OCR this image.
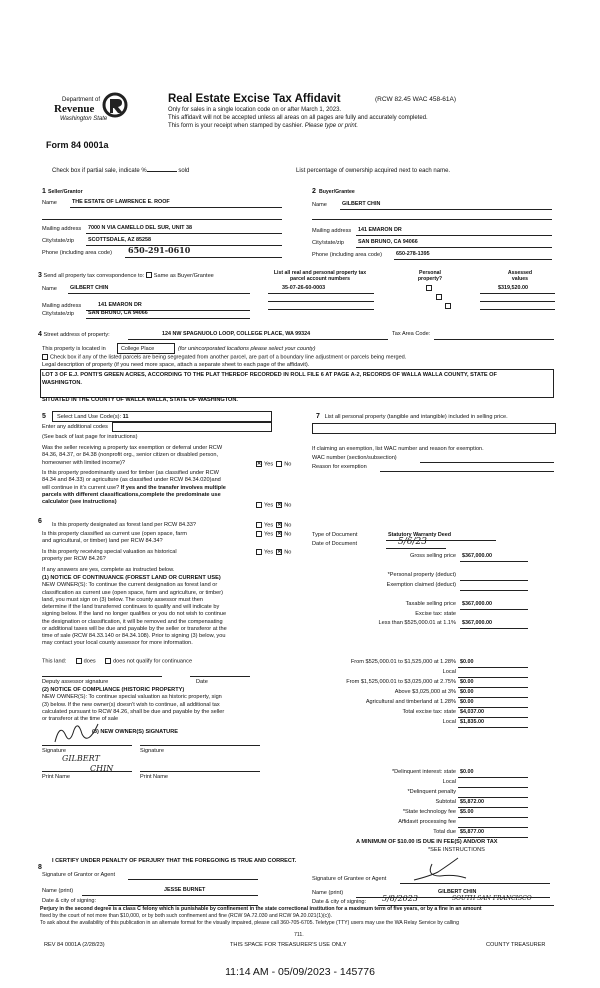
Department of
Revenue
Washington State
Form 84 0001a
Real Estate Excise Tax Affidavit	(RCW 82.45 WAC 458-61A)
Only for sales in a single location code on or after March 1, 2023.
This affidavit will not be accepted unless all areas on all pages are fully and accurately completed.
This form is your receipt when stamped by cashier. Please type or print.
Check box if partial sale, indicate %	sold	List percentage of ownership acquired next to each name.
1 Seller/Grantor
Name	THE ESTATE OF LAWRENCE E. ROOF
Mailing address 7000 N VIA CAMELLO DEL SUR, UNIT 38
City/state/zip	SCOTTSDALE, AZ 85258
Phone (including area code) 650-291-0610
2 Buyer/Grantee
Name	GILBERT CHIN
Mailing address 141 EMARON DR
City/state/zip	SAN BRUNO, CA 94066
Phone (including area code)	650-278-1395
3 Send all property tax correspondence to: Same as Buyer/Grantee
Name GILBERT CHIN
Mailing address	141 EMARON DR
City/state/zip	SAN BRUNO, CA 94066
List all real and personal property tax
parcel account numbers
35-07-26-60-0003
Personal
property?

Assessed
values
$319,520.00
4 Street address of property:	124 NW SPAGNUOLO LOOP, COLLEGE PLACE, WA 99324	Tax Area Code:
This property is located in	College Place	(for unincorporated locations please select your county)
Check box if any of the listed parcels are being segregated from another parcel, are part of a boundary line adjustment or parcels being merged.
Legal description of property (if you need more space, attach a separate sheet to each page of the affidavit).
LOT 3 OF E.J. PONTI'S GREEN ACRES, ACCORDING TO THE PLAT THEREOF RECORDED IN ROLL FILE 6 AT PAGE A-2, RECORDS OF WALLA WALLA COUNTY, STATE OF
WASHINGTON.
SITUATED IN THE COUNTY OF WALLA WALLA, STATE OF WASHINGTON.
5 Select Land Use Code(s): 11
Enter any additional codes
(See back of last page for instructions)
Was the seller receiving a property tax exemption or deferral under RCW
84.36, 84.37, or 84.38 (nonprofit org., senior citizen or disabled person,
homeowner with limited income)?	✕ Yes No
Is this property predominantly used for timber (as classified under RCW
84.34 and 84.33) or agriculture (as classified under RCW 84.34.020)and
will continue in it's current use? If yes and the transfer involves multiple
parcels with different classifications,complete the predominate use
calculator (see instructions)
Yes ✕ No
6 Is this property designated as forest land per RCW 84.33?	Yes ✕ No
Is this property classified as current use (open space, farm
and agricultural, or timber) land per RCW 84.34?
Yes ✕ No
Is this property receiving special valuation as historical
property per RCW 84.26?
Yes ✕ No
If any answers are yes, complete as instructed below.
(1) NOTICE OF CONTINUANCE (FOREST LAND OR CURRENT USE)
NEW OWNER(S): To continue the current designation as forest land or
classification as current use (open space, farm and agriculture, or timber)
land, you must sign on (3) below. The county assessor must then
determine if the land transferred continues to qualify and will indicate by
signing below. If the land no longer qualifies or you do not wish to continue
the designation or classification, it will be removed and the compensating
or additional taxes will be due and payable by the seller or transferor at the
time of sale (RCW 84.33.140 or 84.34.108). Prior to signing (3) below, you
may contact your local county assessor for more information.
This land:	does	does not qualify for continuance
Deputy assessor signature	Date
(2) NOTICE OF COMPLIANCE (HISTORIC PROPERTY)
NEW OWNER(S): To continue special valuation as historic property, sign
(3) below. If the new owner(s) doesn't wish to continue, all additional tax
calculated pursuant to RCW 84.26, shall be due and payable by the seller
or transferor at the time of sale
(3) NEW OWNER(S) SIGNATURE
Signature	Signature
GILBERT
CHIN
Print Name	Print Name
7 List all personal property (tangible and intangible) included in selling price.
If claiming an exemption, list WAC number and reason for exemption.
WAC number (section/subsection)
Reason for exemption
Type of Document	Statutory Warranty Deed
Date of Document	5/6/23
Gross selling price $367,000.00
*Personal property (deduct)
Exemption claimed (deduct)
Taxable selling price $367,000.00
Excise tax: state
Less than $525,000.01 at 1.1% $367,000.00
From $525,000.01 to $1,525,000 at 1.28% $0.00
Local
From $1,525,000.01 to $3,025,000 at 2.75% $0.00
Above $3,025,000 at 3% $0.00
Agricultural and timberland at 1.28% $0.00
Total excise tax: state $4,037.00
Local $1,835.00
*Delinquent interest: state $0.00
Local
*Delinquent penalty
Subtotal $5,872.00
*State technology fee $5.00
Affidavit processing fee
Total due $5,877.00
A MINIMUM OF $10.00 IS DUE IN FEE(S) AND/OR TAX
*SEE INSTRUCTIONS
8
I CERTIFY UNDER PENALTY OF PERJURY THAT THE FOREGOING IS TRUE AND CORRECT.
Signature of Grantor or Agent
Signature of Grantee or Agent
Name (print)	JESSE BURNET	Name (print)	GILBERT CHIN
Date & city of signing:	Date & city of signing: 5/8/2023	SOUTH SAN FRANCISCO
Perjury in the second degree is a class C felony which is punishable by confinement in the state correctional institution for a maximum term of five years, or by a fine in an amount
fixed by the court of not more than $10,000, or by both such confinement and fine (RCW 9A.72.030 and RCW 9A.20.021(1)(c)).
To ask about the availability of this publication in an alternate format for the visually impaired, please call 360-705-6705. Teletype (TTY) users may use the WA Relay Service by calling
711.
REV 84 0001A (2/28/23)	THIS SPACE FOR TREASURER'S USE ONLY	COUNTY TREASURER
11:14 AM - 05/09/2023 - 145776
